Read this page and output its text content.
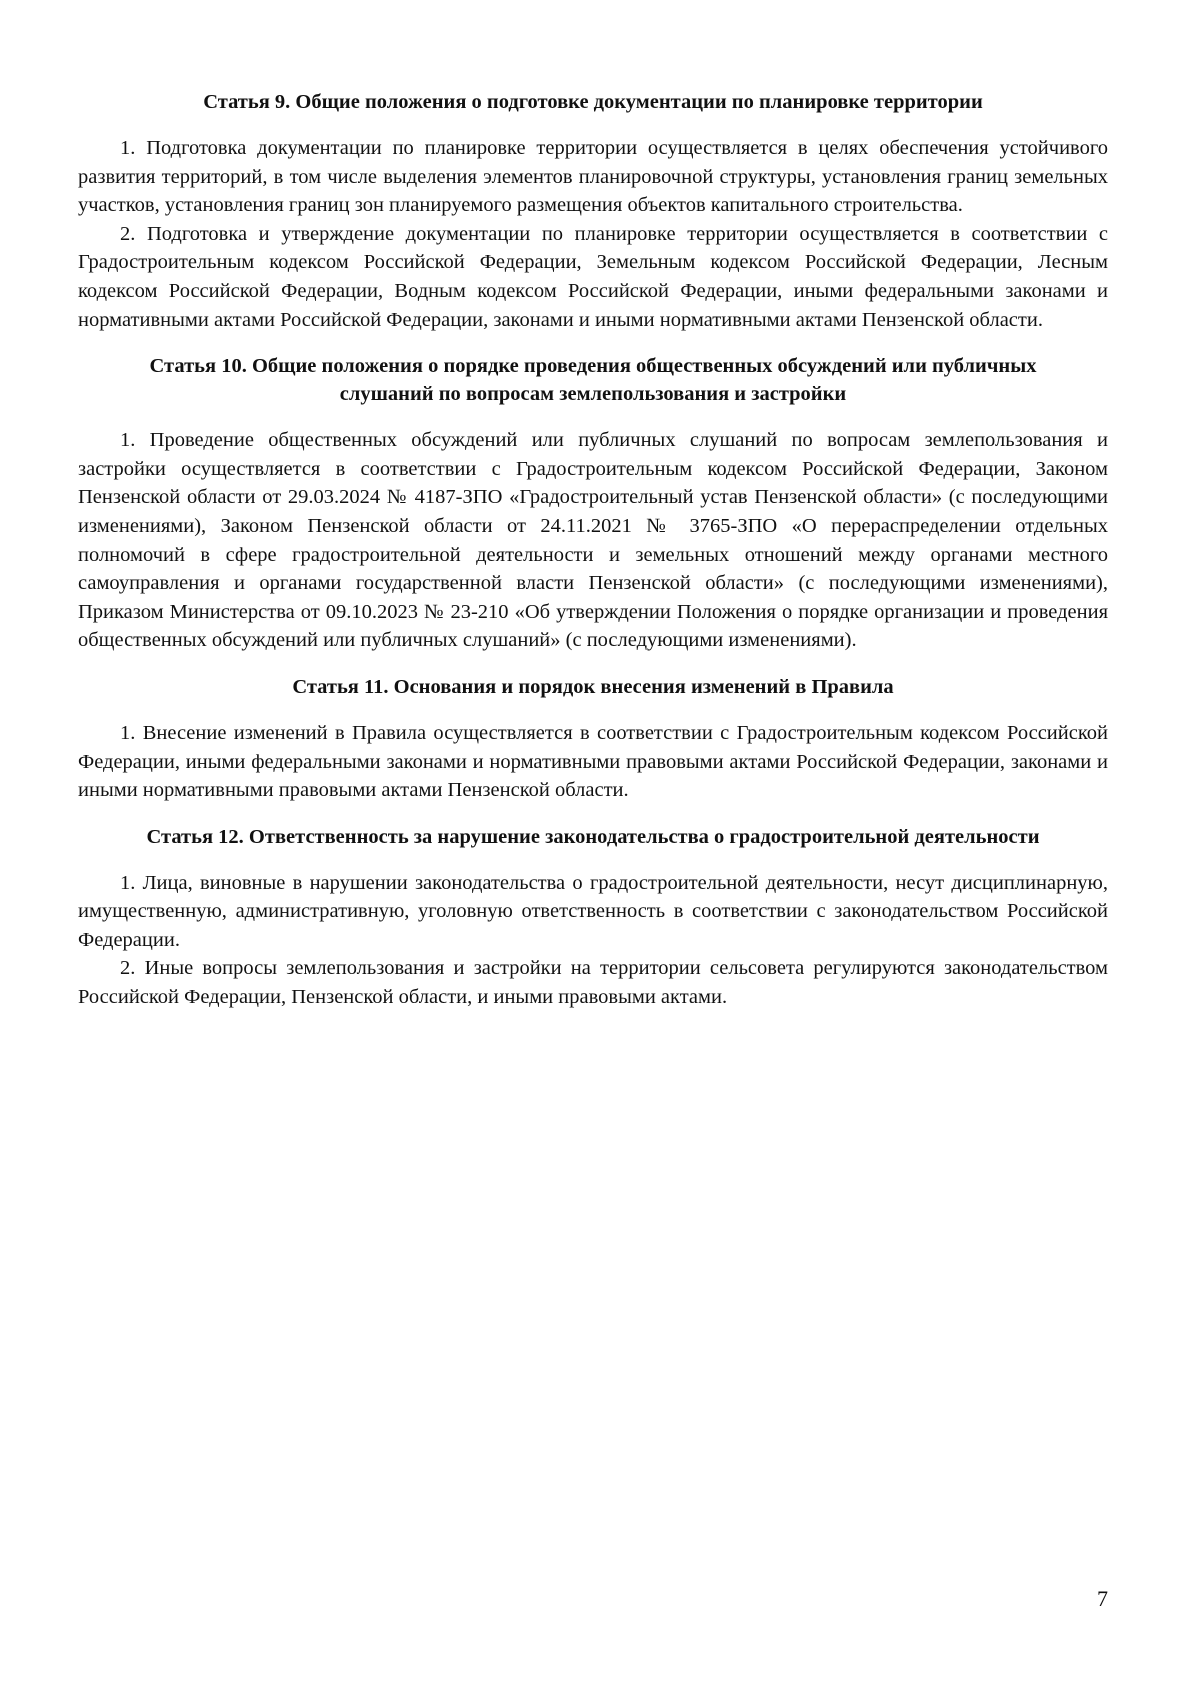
Статья 9. Общие положения о подготовке документации по планировке территории

1. Подготовка документации по планировке территории осуществляется в целях обеспечения устойчивого развития территорий, в том числе выделения элементов планировочной структуры, установления границ земельных участков, установления границ зон планируемого размещения объектов капитального строительства.

2. Подготовка и утверждение документации по планировке территории осуществляется в соответствии с Градостроительным кодексом Российской Федерации, Земельным кодексом Российской Федерации, Лесным кодексом Российской Федерации, Водным кодексом Российской Федерации, иными федеральными законами и нормативными актами Российской Федерации, законами и иными нормативными актами Пензенской области.

Статья 10. Общие положения о порядке проведения общественных обсуждений или публичных слушаний по вопросам землепользования и застройки

1. Проведение общественных обсуждений или публичных слушаний по вопросам землепользования и застройки осуществляется в соответствии с Градостроительным кодексом Российской Федерации, Законом Пензенской области от 29.03.2024 № 4187-ЗПО «Градостроительный устав Пензенской области» (с последующими изменениями), Законом Пензенской области от 24.11.2021 № 3765-ЗПО «О перераспределении отдельных полномочий в сфере градостроительной деятельности и земельных отношений между органами местного самоуправления и органами государственной власти Пензенской области» (с последующими изменениями), Приказом Министерства от 09.10.2023 № 23-210 «Об утверждении Положения о порядке организации и проведения общественных обсуждений или публичных слушаний» (с последующими изменениями).

Статья 11. Основания и порядок внесения изменений в Правила

1. Внесение изменений в Правила осуществляется в соответствии с Градостроительным кодексом Российской Федерации, иными федеральными законами и нормативными правовыми актами Российской Федерации, законами и иными нормативными правовыми актами Пензенской области.

Статья 12. Ответственность за нарушение законодательства о градостроительной деятельности

1. Лица, виновные в нарушении законодательства о градостроительной деятельности, несут дисциплинарную, имущественную, административную, уголовную ответственность в соответствии с законодательством Российской Федерации.

2. Иные вопросы землепользования и застройки на территории сельсовета регулируются законодательством Российской Федерации, Пензенской области, и иными правовыми актами.

7
